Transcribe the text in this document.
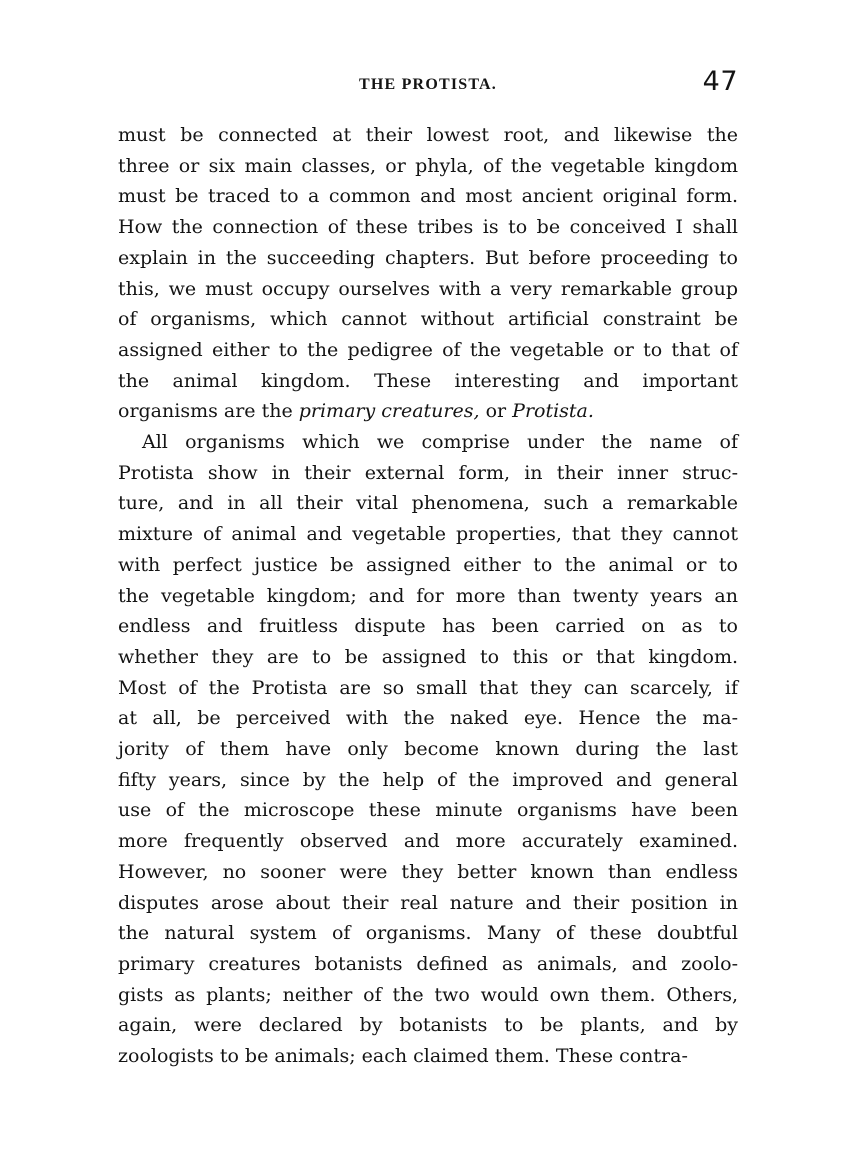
THE PROTISTA.	47
must be connected at their lowest root, and likewise the
three or six main classes, or phyla, of the vegetable kingdom
must be traced to a common and most ancient original form.
How the connection of these tribes is to be conceived I shall
explain in the succeeding chapters. But before proceeding to
this, we must occupy ourselves with a very remarkable group
of organisms, which cannot without artificial constraint be
assigned either to the pedigree of the vegetable or to that of
the animal kingdom. These interesting and important
organisms are the primary creatures, or Protista.
All organisms which we comprise under the name of
Protista show in their external form, in their inner struc-
ture, and in all their vital phenomena, such a remarkable
mixture of animal and vegetable properties, that they cannot
with perfect justice be assigned either to the animal or to
the vegetable kingdom; and for more than twenty years an
endless and fruitless dispute has been carried on as to
whether they are to be assigned to this or that kingdom.
Most of the Protista are so small that they can scarcely, if
at all, be perceived with the naked eye. Hence the ma-
jority of them have only become known during the last
fifty years, since by the help of the improved and general
use of the microscope these minute organisms have been
more frequently observed and more accurately examined.
However, no sooner were they better known than endless
disputes arose about their real nature and their position in
the natural system of organisms. Many of these doubtful
primary creatures botanists defined as animals, and zoolo-
gists as plants; neither of the two would own them. Others,
again, were declared by botanists to be plants, and by
zoologists to be animals; each claimed them. These contra-
